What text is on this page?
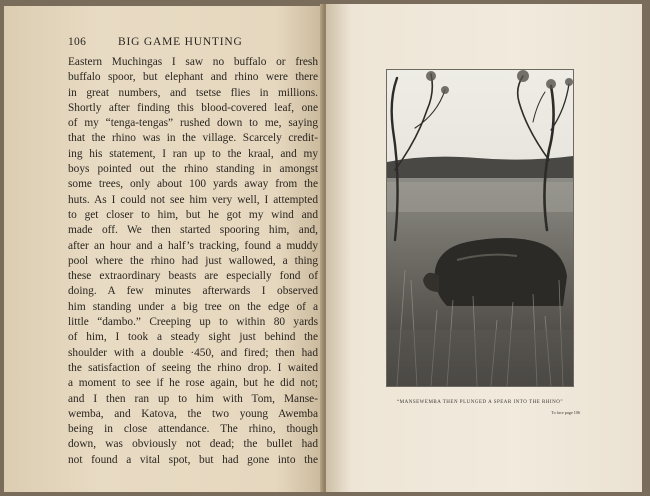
106	BIG GAME HUNTING
Eastern Muchingas I saw no buffalo or fresh
buffalo spoor, but elephant and rhino were there
in great numbers, and tsetse flies in millions.
Shortly after finding this blood-covered leaf, one
of my “tenga-tengas” rushed down to me, saying
that the rhino was in the village. Scarcely credit-
ing his statement, I ran up to the kraal, and my
boys pointed out the rhino standing in amongst
some trees, only about 100 yards away from the
huts. As I could not see him very well, I attempted
to get closer to him, but he got my wind and
made off. We then started spooring him, and,
after an hour and a half’s tracking, found a muddy
pool where the rhino had just wallowed, a thing
these extraordinary beasts are especially fond of
doing. A few minutes afterwards I observed
him standing under a big tree on the edge of a
little “dambo.” Creeping up to within 80 yards
of him, I took a steady sight just behind the
shoulder with a double ·450, and fired; then had
the satisfaction of seeing the rhino drop. I waited
a moment to see if he rose again, but he did not;
and I then ran up to him with Tom, Manse-
wemba, and Katova, the two young Awemba
being in close attendance. The rhino, though
down, was obviously not dead; the bullet had
not found a vital spot, but had gone into the
“MANSEWEMBA THEN PLUNGED A SPEAR INTO THE RHINO”
To face page 106
